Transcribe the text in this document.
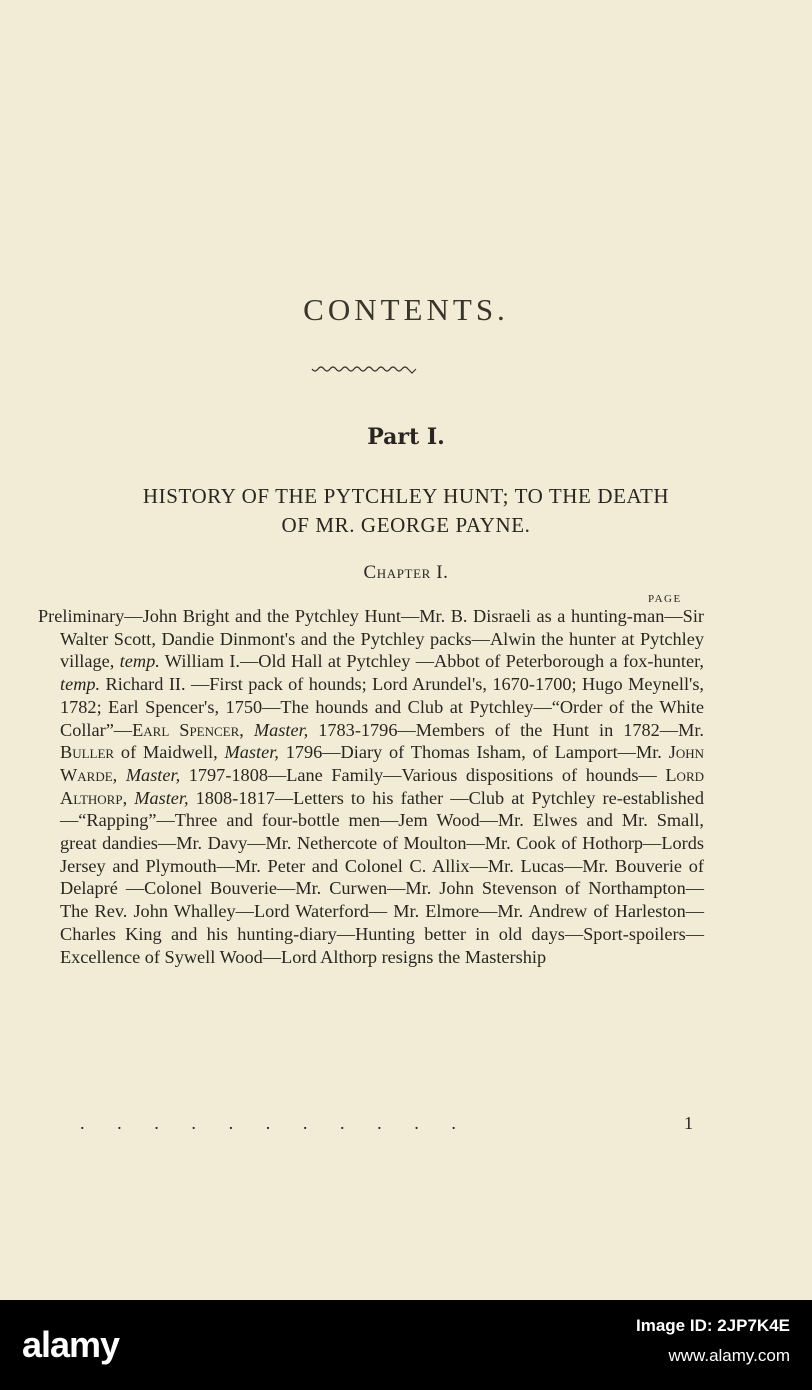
CONTENTS.
Part I.
HISTORY OF THE PYTCHLEY HUNT; TO THE DEATH
OF MR. GEORGE PAYNE.
Chapter I.
PAGE
Preliminary—John Bright and the Pytchley Hunt—Mr. B. Disraeli as a hunting-man—Sir Walter Scott, Dandie Dinmont's and the Pytchley packs—Alwin the hunter at Pytchley village, temp. William I.—Old Hall at Pytchley —Abbot of Peterborough a fox-hunter, temp. Richard II. —First pack of hounds; Lord Arundel's, 1670-1700; Hugo Meynell's, 1782; Earl Spencer's, 1750—The hounds and Club at Pytchley—“Order of the White Collar”—Earl Spencer, Master, 1783-1796—Members of the Hunt in 1782—Mr. Buller of Maidwell, Master, 1796—Diary of Thomas Isham, of Lamport—Mr. John Warde, Master, 1797-1808—Lane Family—Various dispositions of hounds— Lord Althorp, Master, 1808-1817—Letters to his father —Club at Pytchley re-established—“Rapping”—Three and four-bottle men—Jem Wood—Mr. Elwes and Mr. Small, great dandies—Mr. Davy—Mr. Nethercote of Moulton—Mr. Cook of Hothorp—Lords Jersey and Plymouth—Mr. Peter and Colonel C. Allix—Mr. Lucas—Mr. Bouverie of Delapré —Colonel Bouverie—Mr. Curwen—Mr. John Stevenson of Northampton—The Rev. John Whalley—Lord Waterford— Mr. Elmore—Mr. Andrew of Harleston—Charles King and his hunting-diary—Hunting better in old days—Sport-spoilers—Excellence of Sywell Wood—Lord Althorp resigns the Mastership
. . . . . . . . . . .	1
alamy	Image ID: 2JP7K4E
www.alamy.com
